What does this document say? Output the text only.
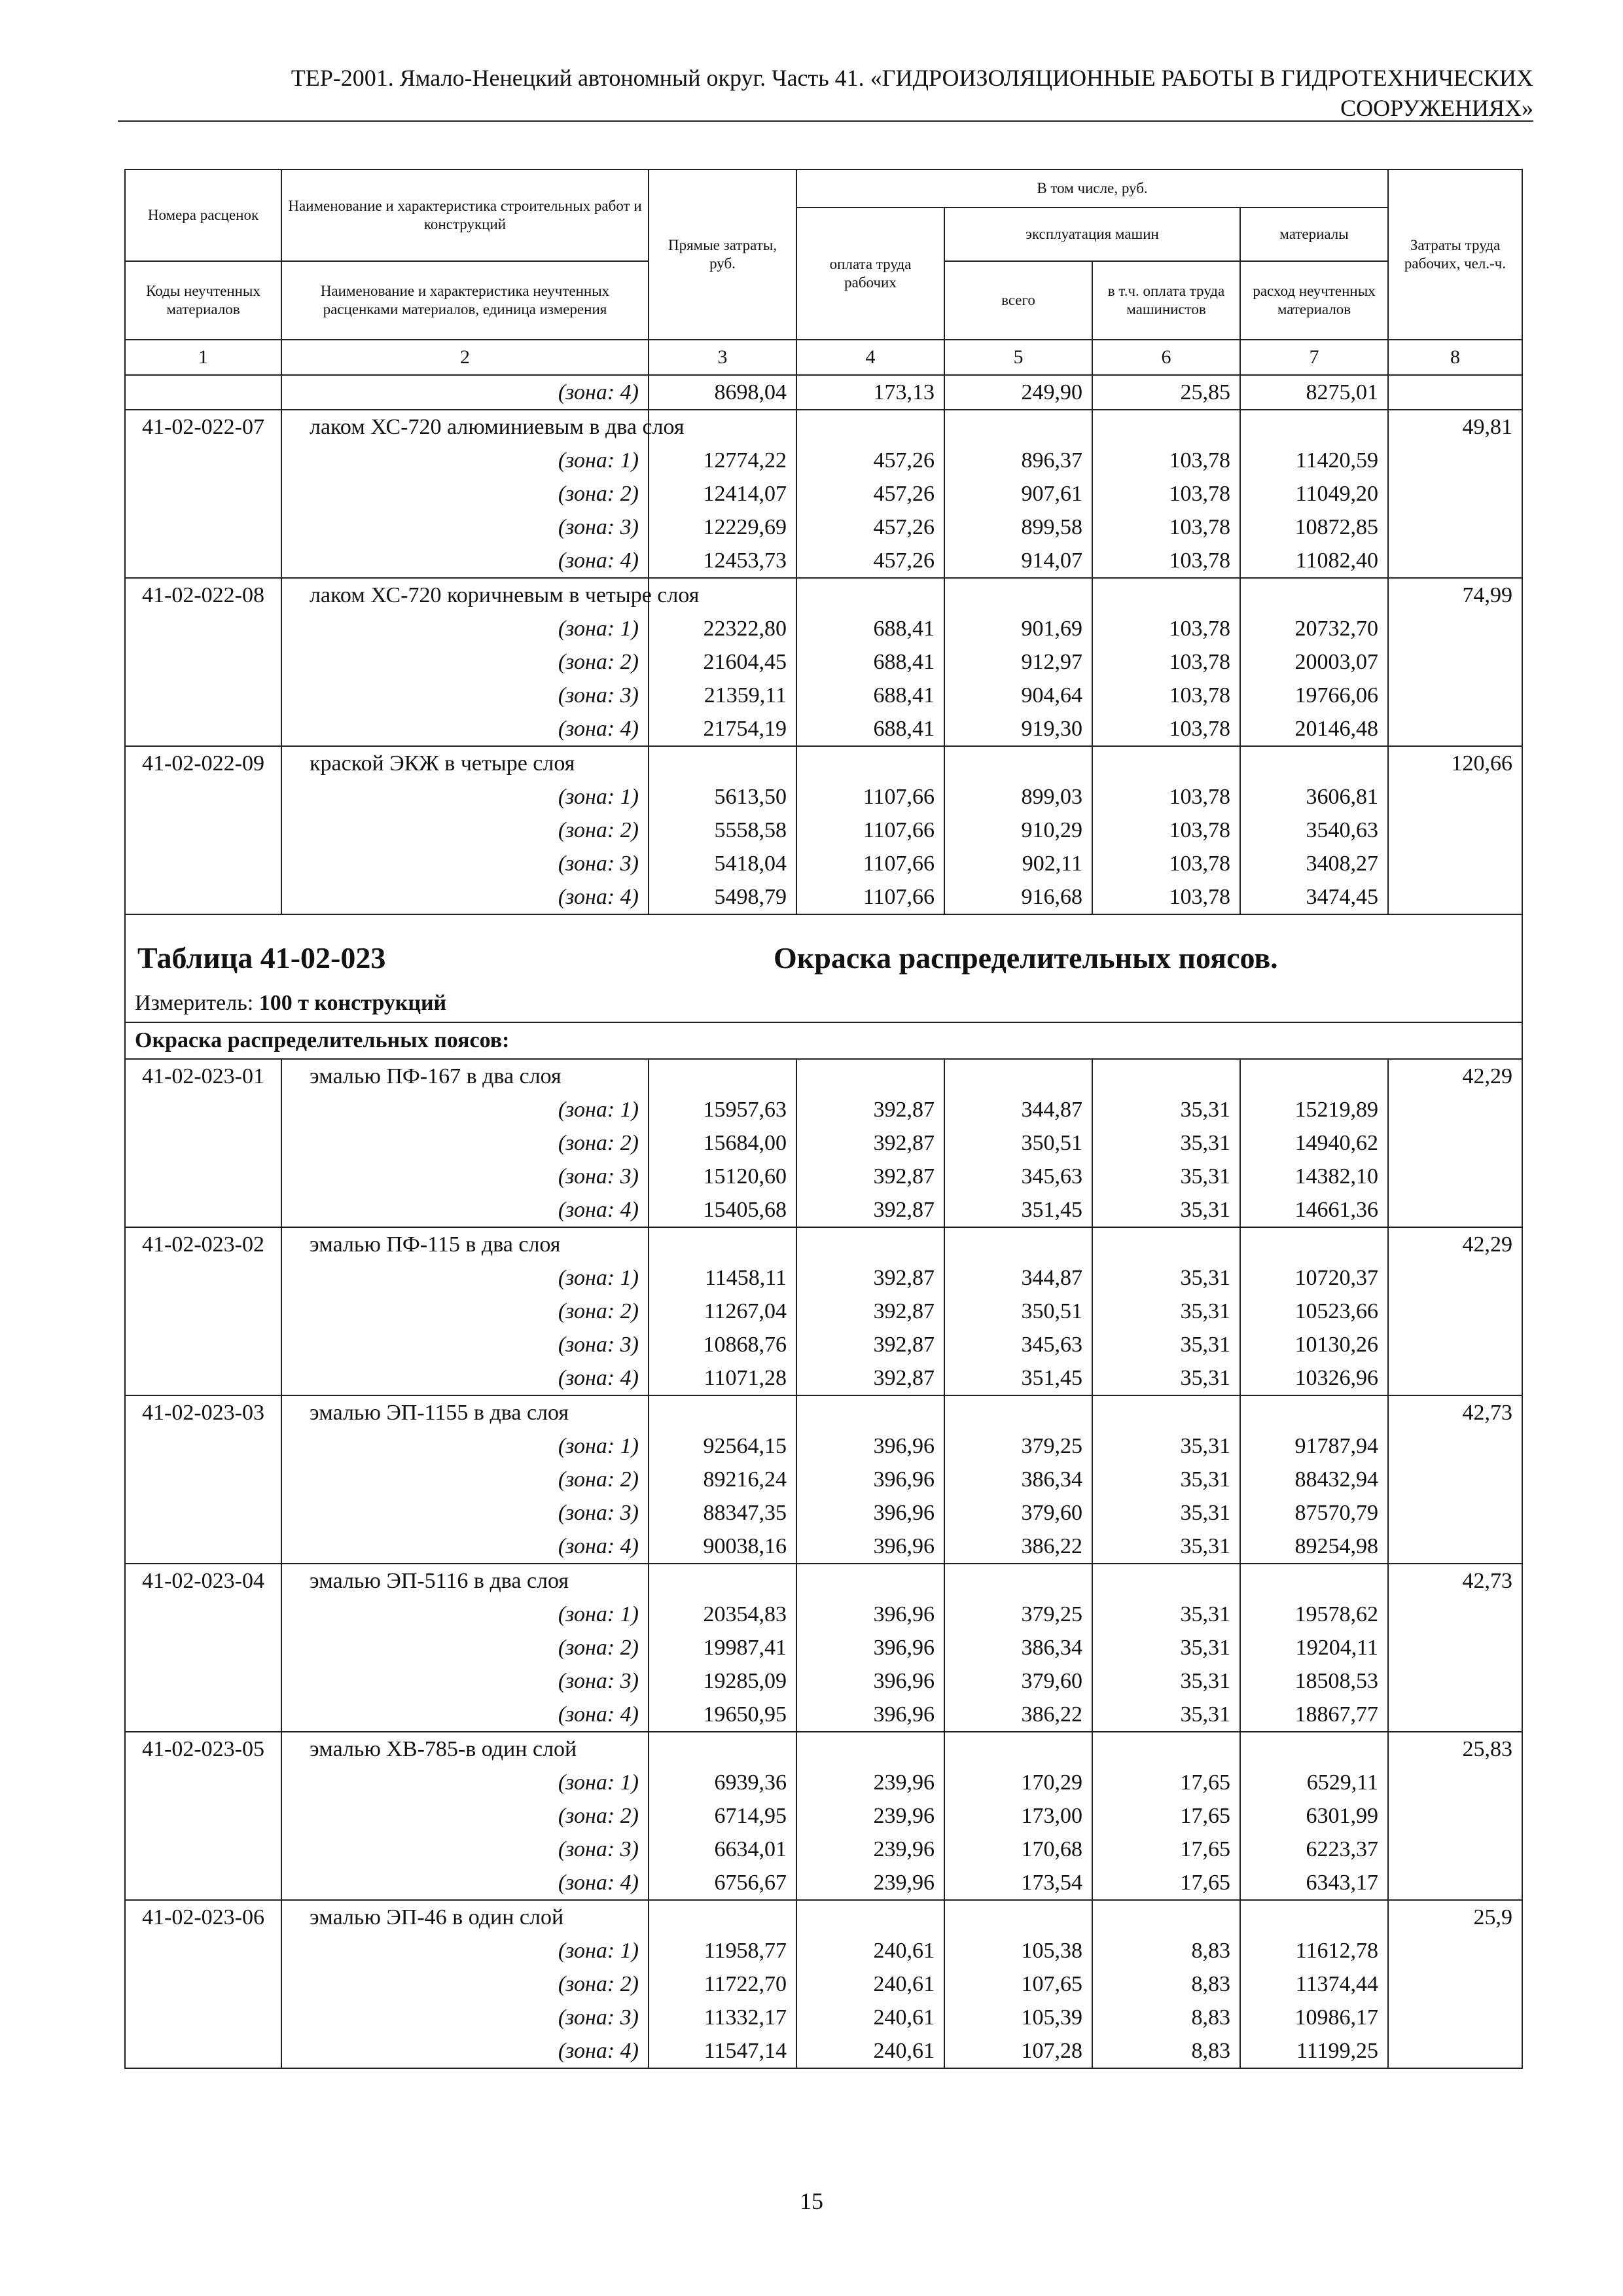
ТЕР-2001. Ямало-Ненецкий автономный округ. Часть 41. «ГИДРОИЗОЛЯЦИОННЫЕ РАБОТЫ В ГИДРОТЕХНИЧЕСКИХ
СООРУЖЕНИЯХ»
Номера расценок	Наименование и характеристика строительных работ и конструкций	Прямые затраты, руб.	В том числе, руб.				Затраты труда рабочих, чел.-ч.
			оплата труда рабочих	эксплуатация машин		материалы	
Коды неучтенных материалов	Наименование и характеристика неучтенных расценками материалов, единица измерения			всего	в т.ч. оплата труда машинистов	расход неучтенных материалов	
1	2	3	4	5	6	7	8
	(зона: 4)	8698,04	173,13	249,90	25,85	8275,01	
41-02-022-07	лаком ХС-720 алюминиевым в два слоя						49,81
	(зона: 1)	12774,22	457,26	896,37	103,78	11420,59	
	(зона: 2)	12414,07	457,26	907,61	103,78	11049,20	
	(зона: 3)	12229,69	457,26	899,58	103,78	10872,85	
	(зона: 4)	12453,73	457,26	914,07	103,78	11082,40	
41-02-022-08	лаком ХС-720 коричневым в четыре слоя						74,99
	(зона: 1)	22322,80	688,41	901,69	103,78	20732,70	
	(зона: 2)	21604,45	688,41	912,97	103,78	20003,07	
	(зона: 3)	21359,11	688,41	904,64	103,78	19766,06	
	(зона: 4)	21754,19	688,41	919,30	103,78	20146,48	
41-02-022-09	краской ЭКЖ в четыре слоя						120,66
	(зона: 1)	5613,50	1107,66	899,03	103,78	3606,81	
	(зона: 2)	5558,58	1107,66	910,29	103,78	3540,63	
	(зона: 3)	5418,04	1107,66	902,11	103,78	3408,27	
	(зона: 4)	5498,79	1107,66	916,68	103,78	3474,45	
Таблица 41-02-023 Окраска распределительных поясов.							

Измеритель: 100 т конструкций							
Окраска распределительных поясов:							
41-02-023-01	эмалью ПФ-167 в два слоя						42,29
	(зона: 1)	15957,63	392,87	344,87	35,31	15219,89	
	(зона: 2)	15684,00	392,87	350,51	35,31	14940,62	
	(зона: 3)	15120,60	392,87	345,63	35,31	14382,10	
	(зона: 4)	15405,68	392,87	351,45	35,31	14661,36	
41-02-023-02	эмалью ПФ-115 в два слоя						42,29
	(зона: 1)	11458,11	392,87	344,87	35,31	10720,37	
	(зона: 2)	11267,04	392,87	350,51	35,31	10523,66	
	(зона: 3)	10868,76	392,87	345,63	35,31	10130,26	
	(зона: 4)	11071,28	392,87	351,45	35,31	10326,96	
41-02-023-03	эмалью ЭП-1155 в два слоя						42,73
	(зона: 1)	92564,15	396,96	379,25	35,31	91787,94	
	(зона: 2)	89216,24	396,96	386,34	35,31	88432,94	
	(зона: 3)	88347,35	396,96	379,60	35,31	87570,79	
	(зона: 4)	90038,16	396,96	386,22	35,31	89254,98	
41-02-023-04	эмалью ЭП-5116 в два слоя						42,73
	(зона: 1)	20354,83	396,96	379,25	35,31	19578,62	
	(зона: 2)	19987,41	396,96	386,34	35,31	19204,11	
	(зона: 3)	19285,09	396,96	379,60	35,31	18508,53	
	(зона: 4)	19650,95	396,96	386,22	35,31	18867,77	
41-02-023-05	эмалью ХВ-785-в один слой						25,83
	(зона: 1)	6939,36	239,96	170,29	17,65	6529,11	
	(зона: 2)	6714,95	239,96	173,00	17,65	6301,99	
	(зона: 3)	6634,01	239,96	170,68	17,65	6223,37	
	(зона: 4)	6756,67	239,96	173,54	17,65	6343,17	
41-02-023-06	эмалью ЭП-46 в один слой						25,9
	(зона: 1)	11958,77	240,61	105,38	8,83	11612,78	
	(зона: 2)	11722,70	240,61	107,65	8,83	11374,44	
	(зона: 3)	11332,17	240,61	105,39	8,83	10986,17	
	(зона: 4)	11547,14	240,61	107,28	8,83	11199,25	
15
